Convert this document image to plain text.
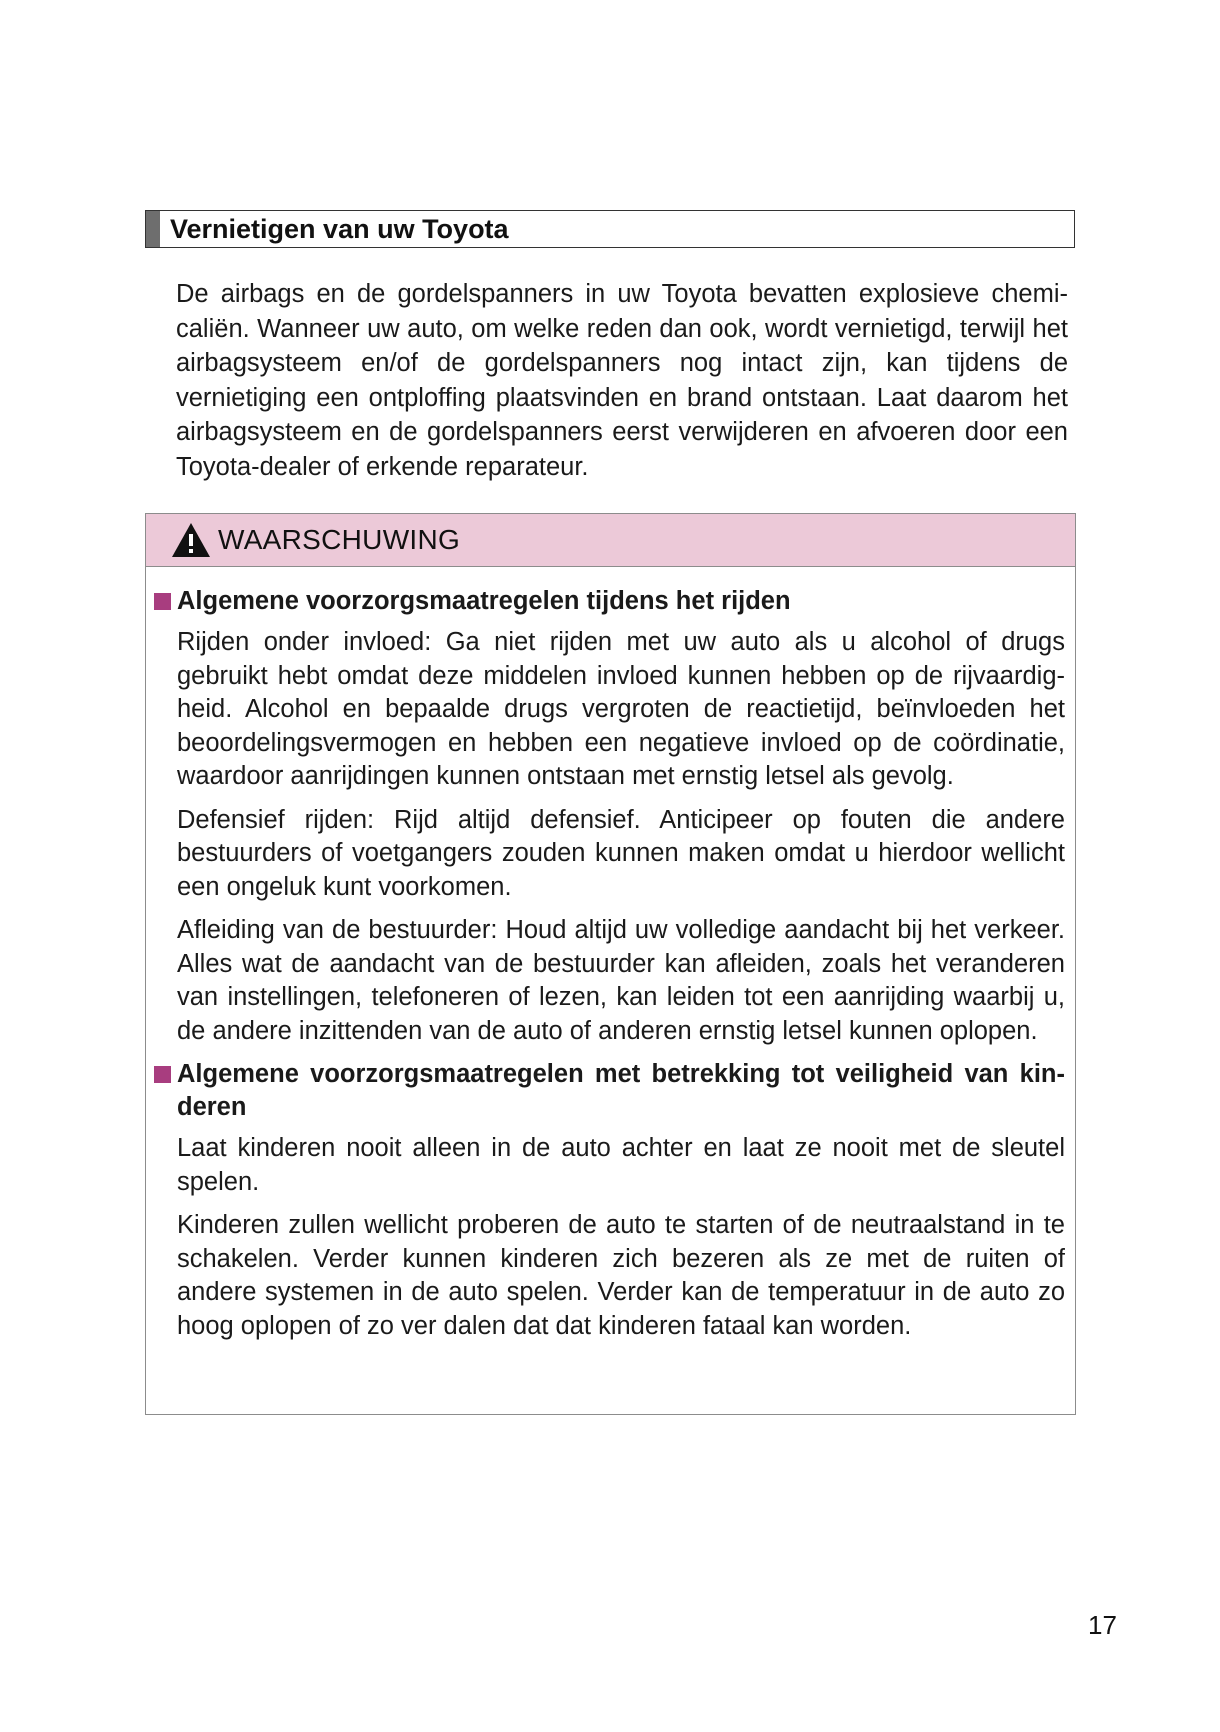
Vernietigen van uw Toyota

De airbags en de gordelspanners in uw Toyota bevatten explosieve chemicaliën. Wanneer uw auto, om welke reden dan ook, wordt vernietigd, terwijl het airbagsysteem en/of de gordelspanners nog intact zijn, kan tijdens de vernietiging een ontploffing plaatsvinden en brand ontstaan. Laat daarom het airbagsysteem en de gordelspanners eerst verwijderen en afvoeren door een Toyota-dealer of erkende reparateur.

WAARSCHUWING
Algemene voorzorgsmaatregelen tijdens het rijden

Rijden onder invloed: Ga niet rijden met uw auto als u alcohol of drugs gebruikt hebt omdat deze middelen invloed kunnen hebben op de rijvaardigheid. Alcohol en bepaalde drugs vergroten de reactietijd, beïnvloeden het beoordelingsvermogen en hebben een negatieve invloed op de coördinatie, waardoor aanrijdingen kunnen ontstaan met ernstig letsel als gevolg.

Defensief rijden: Rijd altijd defensief. Anticipeer op fouten die andere bestuurders of voetgangers zouden kunnen maken omdat u hierdoor wellicht een ongeluk kunt voorkomen.

Afleiding van de bestuurder: Houd altijd uw volledige aandacht bij het verkeer. Alles wat de aandacht van de bestuurder kan afleiden, zoals het veranderen van instellingen, telefoneren of lezen, kan leiden tot een aanrijding waarbij u, de andere inzittenden van de auto of anderen ernstig letsel kunnen oplopen.

Algemene voorzorgsmaatregelen met betrekking tot veiligheid van kinderen

Laat kinderen nooit alleen in de auto achter en laat ze nooit met de sleutel spelen.

Kinderen zullen wellicht proberen de auto te starten of de neutraalstand in te schakelen. Verder kunnen kinderen zich bezeren als ze met de ruiten of andere systemen in de auto spelen. Verder kan de temperatuur in de auto zo hoog oplopen of zo ver dalen dat dat kinderen fataal kan worden.

17
